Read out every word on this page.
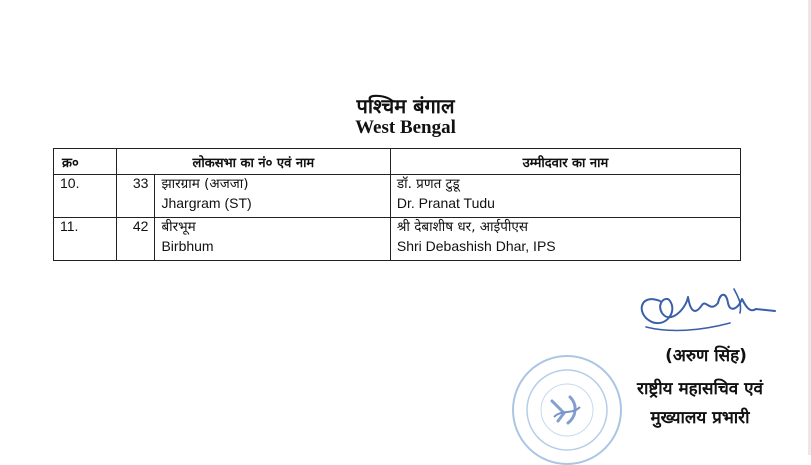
पश्चिम बंगाल
West Bengal
क्र०	लोकसभा का नं० एवं नाम		उम्मीदवार का नाम
10.	33	झारग्राम (अजजा)
Jhargram (ST)	डॉ. प्रणत टुडू
Dr. Pranat Tudu

11.	42	बीरभूम
Birbhum	श्री देबाशीष धर, आईपीएस
Shri Debashish Dhar, IPS
(अरुण सिंह)
राष्ट्रीय महासचिव एवं
मुख्यालय प्रभारी
